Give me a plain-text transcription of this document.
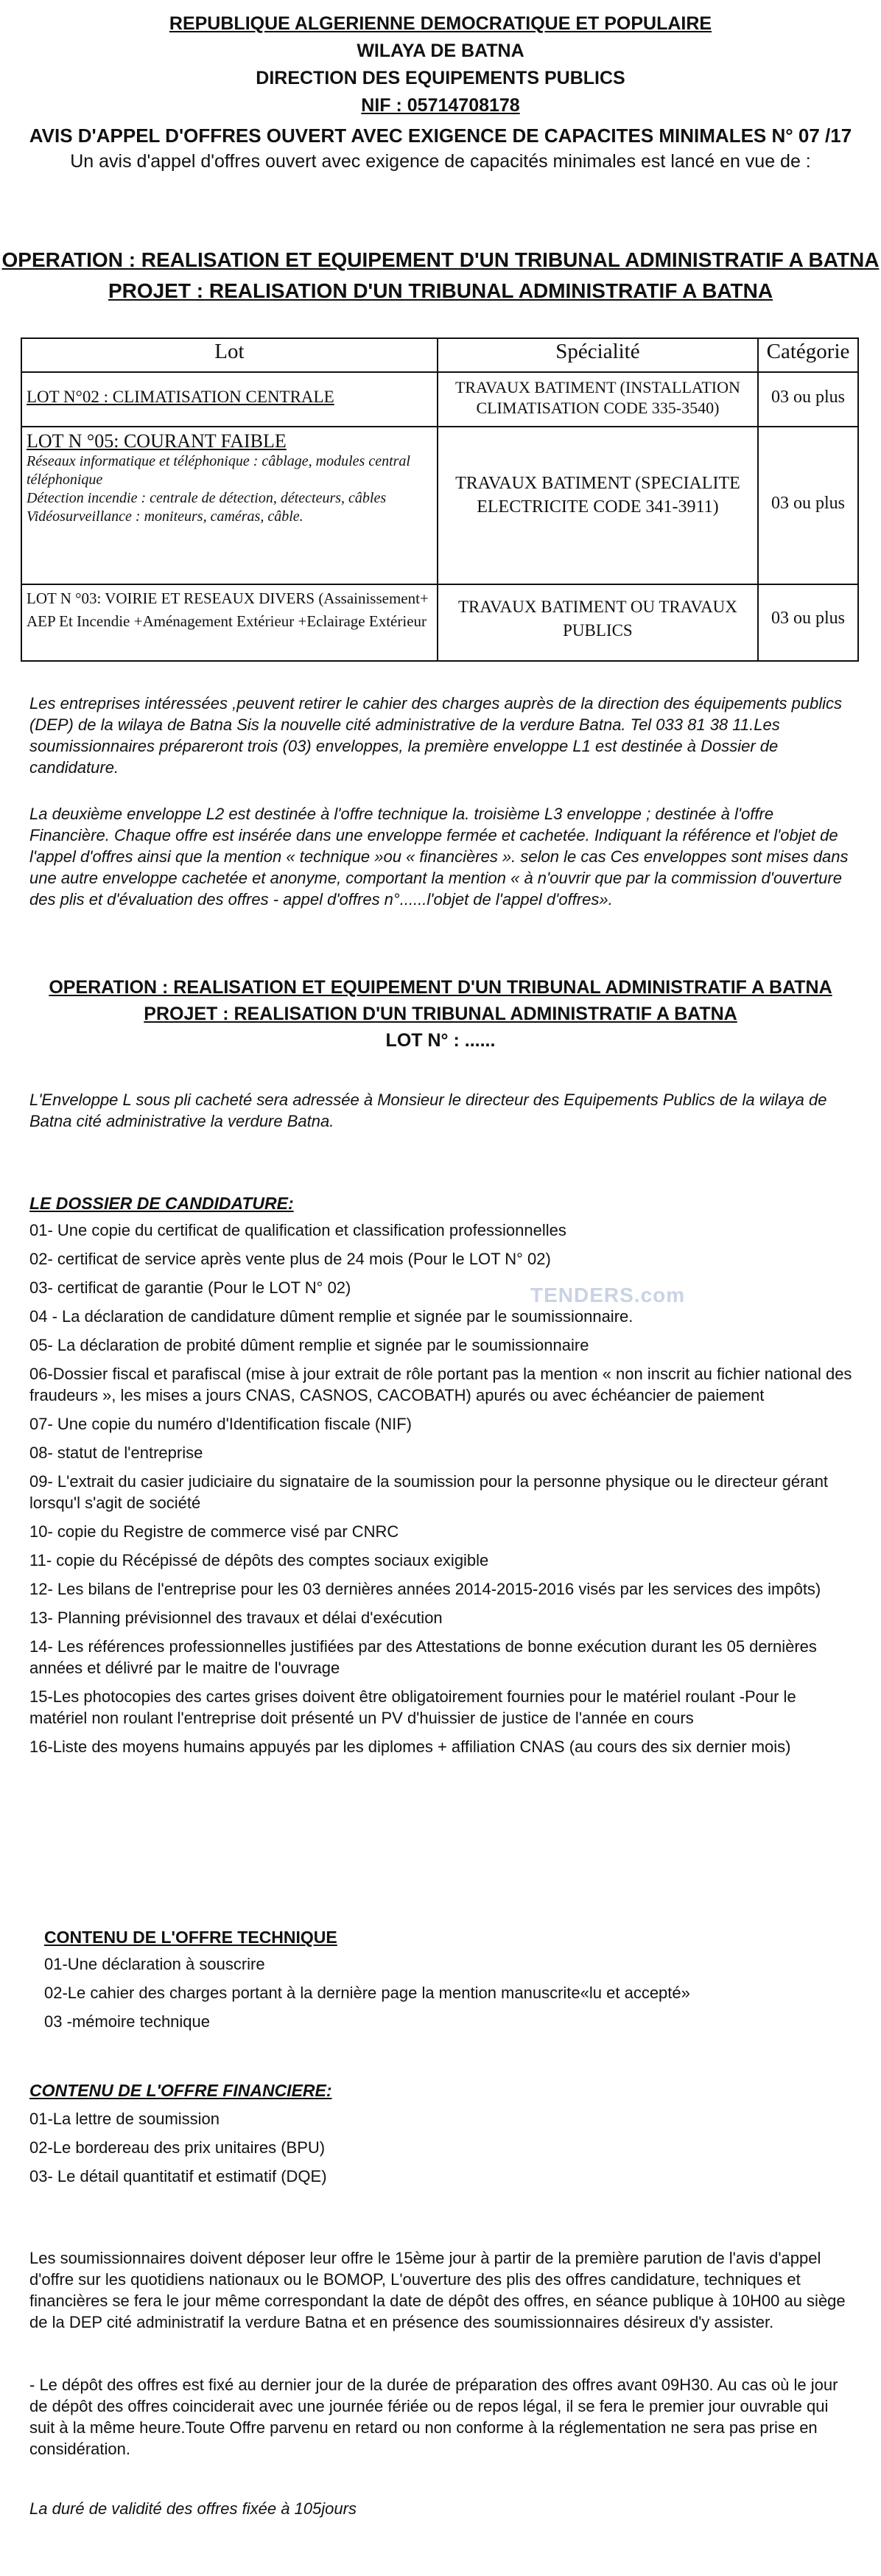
REPUBLIQUE ALGERIENNE DEMOCRATIQUE ET POPULAIRE
WILAYA DE BATNA
DIRECTION DES EQUIPEMENTS PUBLICS
NIF : 05714708178
AVIS D'APPEL D'OFFRES OUVERT AVEC EXIGENCE DE CAPACITES MINIMALES N° 07 /17
Un avis d'appel d'offres ouvert avec exigence de capacités minimales est lancé en vue de :
OPERATION : REALISATION ET EQUIPEMENT D'UN TRIBUNAL ADMINISTRATIF A BATNA
PROJET : REALISATION D'UN TRIBUNAL ADMINISTRATIF A BATNA
Lot	Spécialité	Catégorie
LOT N°02 : CLIMATISATION CENTRALE	TRAVAUX BATIMENT (INSTALLATION CLIMATISATION CODE 335-3540)	03 ou plus

LOT N °05: COURANT FAIBLE
Réseaux informatique et téléphonique : câblage, modules central téléphonique
Détection incendie : centrale de détection, détecteurs, câbles
Vidéosurveillance : moniteurs, caméras, câble.	TRAVAUX BATIMENT (SPECIALITE ELECTRICITE CODE 341-3911)	03 ou plus
LOT N °03: VOIRIE ET RESEAUX DIVERS (Assainissement+ AEP Et Incendie +Aménagement Extérieur +Eclairage Extérieur	TRAVAUX BATIMENT OU TRAVAUX PUBLICS	03 ou plus
Les entreprises intéressées ,peuvent retirer le cahier des charges auprès de la direction des équipements publics (DEP) de la wilaya de Batna Sis la nouvelle cité administrative de la verdure Batna. Tel 033 81 38 11.Les soumissionnaires prépareront trois (03) enveloppes, la première enveloppe L1 est destinée à Dossier de candidature.
La deuxième enveloppe L2 est destinée à l'offre technique la. troisième L3 enveloppe ; destinée à l'offre Financière. Chaque offre est insérée dans une enveloppe fermée et cachetée. Indiquant la référence et l'objet de l'appel d'offres ainsi que la mention « technique »ou « financières ». selon le cas Ces enveloppes sont mises dans une autre enveloppe cachetée et anonyme, comportant la mention « à n'ouvrir que par la commission d'ouverture des plis et d'évaluation des offres - appel d'offres n°......l'objet de l'appel d'offres».
OPERATION : REALISATION ET EQUIPEMENT D'UN TRIBUNAL ADMINISTRATIF A BATNA
PROJET : REALISATION D'UN TRIBUNAL ADMINISTRATIF A BATNA
LOT N° : ......
L'Enveloppe L sous pli cacheté sera adressée à Monsieur le directeur des Equipements Publics de la wilaya de Batna cité administrative la verdure Batna.
LE DOSSIER DE CANDIDATURE:
01- Une copie du certificat de qualification et classification professionnelles
02- certificat de service après vente plus de 24 mois (Pour le LOT N° 02)
03- certificat de garantie (Pour le LOT N° 02)
04 - La déclaration de candidature dûment remplie et signée par le soumissionnaire.
05- La déclaration de probité dûment remplie et signée par le soumissionnaire
06-Dossier fiscal et parafiscal (mise à jour extrait de rôle portant pas la mention « non inscrit au fichier national des fraudeurs », les mises a jours CNAS, CASNOS, CACOBATH) apurés ou avec échéancier de paiement
07- Une copie du numéro d'Identification fiscale (NIF)
08- statut de l'entreprise
09- L'extrait du casier judiciaire du signataire de la soumission pour la personne physique ou le directeur gérant lorsqu'l s'agit de société
10- copie du Registre de commerce visé par CNRC
11- copie du Récépissé de dépôts des comptes sociaux exigible
12- Les bilans de l'entreprise pour les 03 dernières années 2014-2015-2016 visés par les services des impôts)
13- Planning prévisionnel des travaux et délai d'exécution
14- Les références professionnelles justifiées par des Attestations de bonne exécution durant les 05 dernières années et délivré par le maitre de l'ouvrage
15-Les photocopies des cartes grises doivent être obligatoirement fournies pour le matériel roulant -Pour le matériel non roulant l'entreprise doit présenté un PV d'huissier de justice de l'année en cours
16-Liste des moyens humains appuyés par les diplomes + affiliation CNAS (au cours des six dernier mois)
TENDERS.com
CONTENU DE L'OFFRE TECHNIQUE
01-Une déclaration à souscrire
02-Le cahier des charges portant à la dernière page la mention manuscrite«lu et accepté»
03 -mémoire technique
CONTENU DE L'OFFRE FINANCIERE:
01-La lettre de soumission
02-Le bordereau des prix unitaires (BPU)
03- Le détail quantitatif et estimatif (DQE)
Les soumissionnaires doivent déposer leur offre le 15ème jour à partir de la première parution de l'avis d'appel d'offre sur les quotidiens nationaux ou le BOMOP, L'ouverture des plis des offres candidature, techniques et financières se fera le jour même correspondant la date de dépôt des offres, en séance publique à 10H00 au siège de la DEP cité administratif la verdure Batna et en présence des soumissionnaires désireux d'y assister.
- Le dépôt des offres est fixé au dernier jour de la durée de préparation des offres avant 09H30. Au cas où le jour de dépôt des offres coinciderait avec une journée fériée ou de repos légal, il se fera le premier jour ouvrable qui suit à la même heure.Toute Offre parvenu en retard ou non conforme à la réglementation ne sera pas prise en considération.
La duré de validité des offres fixée à 105jours
